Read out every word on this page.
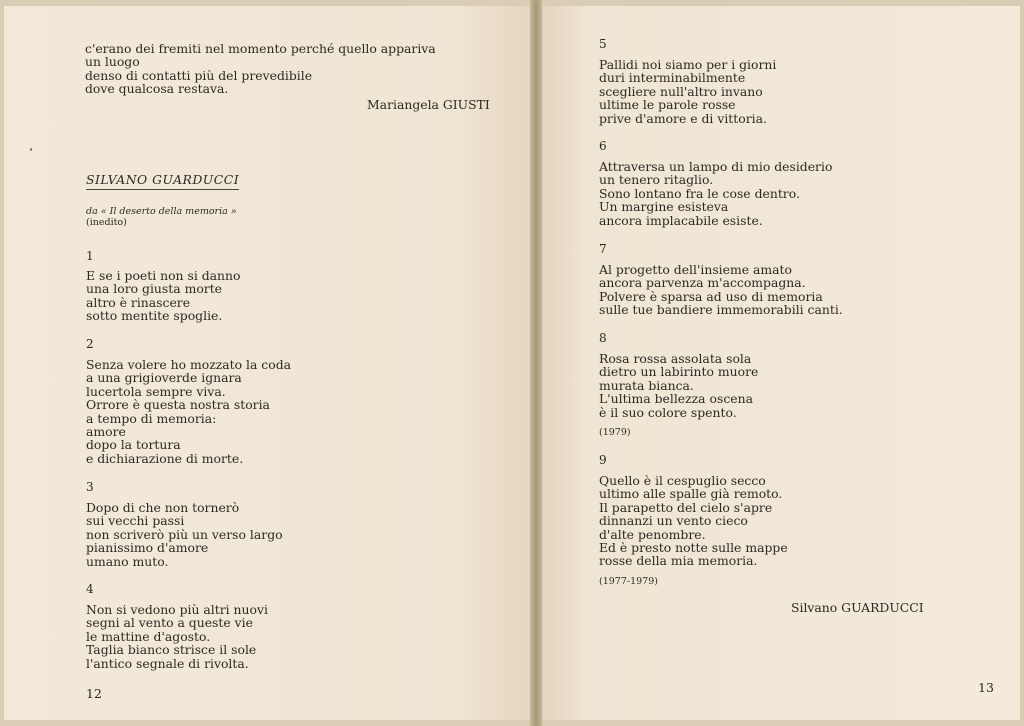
c'erano dei fremiti nel momento perché quello appariva
un luogo
denso di contatti più del prevedibile
dove qualcosa restava.
Mariangela GIUSTI
SILVANO GUARDUCCI
da « Il deserto della memoria »
(inedito)
1
E se i poeti non si danno
una loro giusta morte
altro è rinascere
sotto mentite spoglie.
2
Senza volere ho mozzato la coda
a una grigioverde ignara
lucertola sempre viva.
Orrore è questa nostra storia
a tempo di memoria:
amore
dopo la tortura
e dichiarazione di morte.
3
Dopo di che non tornerò
sui vecchi passi
non scriverò più un verso largo
pianissimo d'amore
umano muto.
4
Non si vedono più altri nuovi
segni al vento a queste vie
le mattine d'agosto.
Taglia bianco strisce il sole
l'antico segnale di rivolta.
12
5
Pallidi noi siamo per i giorni
duri interminabilmente
scegliere null'altro invano
ultime le parole rosse
prive d'amore e di vittoria.
6
Attraversa un lampo di mio desiderio
un tenero ritaglio.
Sono lontano fra le cose dentro.
Un margine esisteva
ancora implacabile esiste.
7
Al progetto dell'insieme amato
ancora parvenza m'accompagna.
Polvere è sparsa ad uso di memoria
sulle tue bandiere immemorabili canti.
8
Rosa rossa assolata sola
dietro un labirinto muore
murata bianca.
L'ultima bellezza oscena
è il suo colore spento.
(1979)
9
Quello è il cespuglio secco
ultimo alle spalle già remoto.
Il parapetto del cielo s'apre
dinnanzi un vento cieco
d'alte penombre.
Ed è presto notte sulle mappe
rosse della mia memoria.
(1977-1979)
Silvano GUARDUCCI
13
